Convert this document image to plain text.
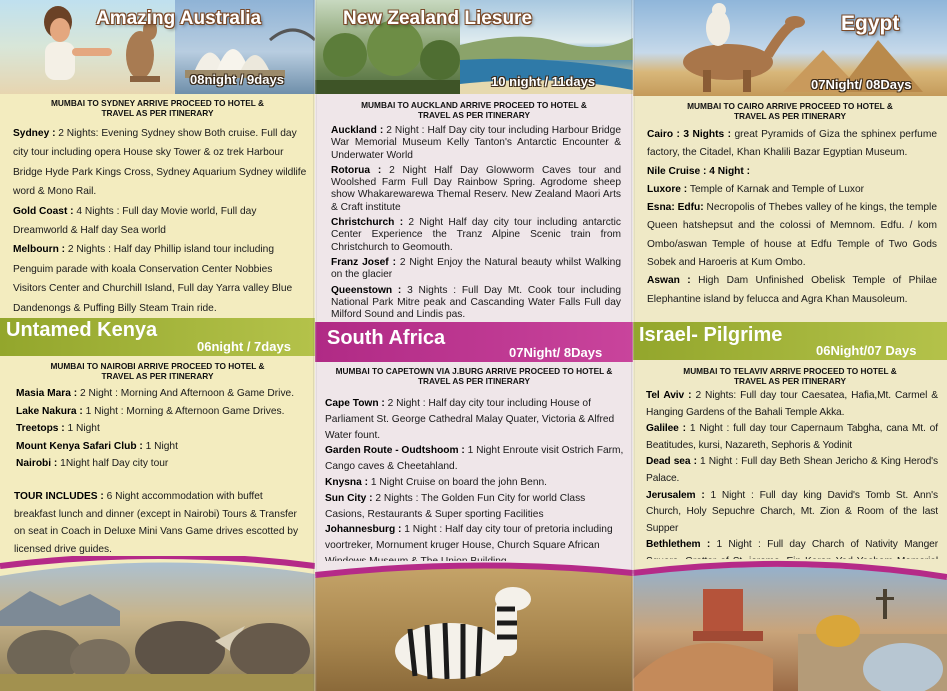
Amazing Australia
08night / 9days
MUMBAI TO SYDNEY ARRIVE PROCEED TO HOTEL &
TRAVEL AS PER ITINERARY

Sydney : 2 Nights: Evening Sydney show Both cruise. Full day city tour including opera House sky Tower & oz trek Harbour Bridge Hyde Park Kings Cross, Sydney Aquarium Sydney wildlife word & Mono Rail.

Gold Coast : 4 Nights : Full day Movie world, Full day Dreamworld & Half day Sea world

Melbourn : 2 Nights : Half day Phillip island tour including Penguim parade with koala Conservation Center Nobbies Visitors Center and Churchill Island, Full day Yarra valley Blue Dandenongs & Puffing Billy Steam Train ride.

Untamed Kenya
06night / 7days
MUMBAI TO NAIROBI ARRIVE PROCEED TO HOTEL &
TRAVEL AS PER ITINERARY

Masia Mara : 2 Night : Morning And Afternoon & Game Drive.

Lake Nakura : 1 Night : Morning & Afternoon Game Drives.

Treetops : 1 Night

Mount Kenya Safari Club : 1 Night

Nairobi : 1Night half Day city tour

TOUR INCLUDES : 6 Night accommodation with buffet breakfast lunch and dinner (except in Nairobi) Tours & Transfer on seat in Coach in Deluxe Mini Vans Game drives escotted by licensed drive guides.

New Zealand Liesure
10 night / 11days
MUMBAI TO AUCKLAND ARRIVE PROCEED TO HOTEL &
TRAVEL AS PER ITINERARY

Auckland : 2 Night : Half Day city tour including Harbour Bridge War Memorial Museum Kelly Tanton's Antarctic Encounter & Underwater World

Rotorua : 2 Night Half Day Glowworm Caves tour and Woolshed Farm Full Day Rainbow Spring. Agrodome sheep show Whakarewarewa Themal Reserv. New Zealand Maori Arts & Craft institute

Christchurch : 2 Night Half day city tour including antarctic Center Experience the Tranz Alpine Scenic train from Christchurch to Geomouth.

Franz Josef : 2 Night Enjoy the Natural beauty whilst Walking on the glacier

Queenstown : 3 Nights : Full Day Mt. Cook tour including National Park Mitre peak and Cascanding Water Falls Full day Milford Sound and Lindis pas.

South Africa
07Night/ 8Days
MUMBAI TO CAPETOWN VIA J.BURG ARRIVE PROCEED TO HOTEL &
TRAVEL AS PER ITINERARY

Cape Town : 2 Night : Half day city tour including House of Parliament St. George Cathedral Malay Quater, Victoria & Alfred Water fount.

Garden Route - Oudtshoom : 1 Night Enroute visit Ostrich Farm, Cango caves & Cheetahland.

Knysna : 1 Night Cruise on board the john Benn.

Sun City : 2 Nights : The Golden Fun City for world Class Casions, Restaurants & Super sporting Facilities

Johannesburg : 1 Night : Half day city tour of pretoria including voortreker, Mornument kruger House, Church Square African

Egypt
07Night/ 08Days
MUMBAI TO CAIRO ARRIVE PROCEED TO HOTEL &
TRAVEL AS PER ITINERARY

Cairo : 3 Nights : great Pyramids of Giza the sphinex perfume factory, the Citadel, Khan Khalili Bazar Egyptian Museum.

Nile Cruise : 4 Night :

Luxore : Temple of Karnak and Temple of Luxor

Esna: Edfu: Necropolis of Thebes valley of he kings, the temple Queen hatshepsut and the colossi of Memnom. Edfu. / kom Ombo/aswan Temple of house at Edfu Temple of Two Gods Sobek and Haroeris at Kum Ombo.

Aswan : High Dam Unfinished Obelisk Temple of Philae Elephantine island by felucca and Agra Khan Mausoleum.

Israel- Pilgrime
06Night/07 Days
MUMBAI TO TELAVIV ARRIVE PROCEED TO HOTEL &
TRAVEL AS PER ITINERARY

Tel Aviv : 2 Nights: Full day tour Caesatea, Hafia,Mt. Carmel & Hanging Gardens of the Bahali Temple Akka.

Galilee : 1 Night : full day tour Capernaum Tabgha, cana Mt. of Beatitudes, kursi, Nazareth, Sephoris & Yodinit

Dead sea : 1 Night : Full day Beth Shean Jericho & King Herod's Palace.

Jerusalem : 1 Night : Full day king David's Tomb St. Ann's Church, Holy Sepuchre Charch, Mt. Zion & Room of the last Supper

Bethlethem : 1 Night : Full day Charch of Nativity Manger
